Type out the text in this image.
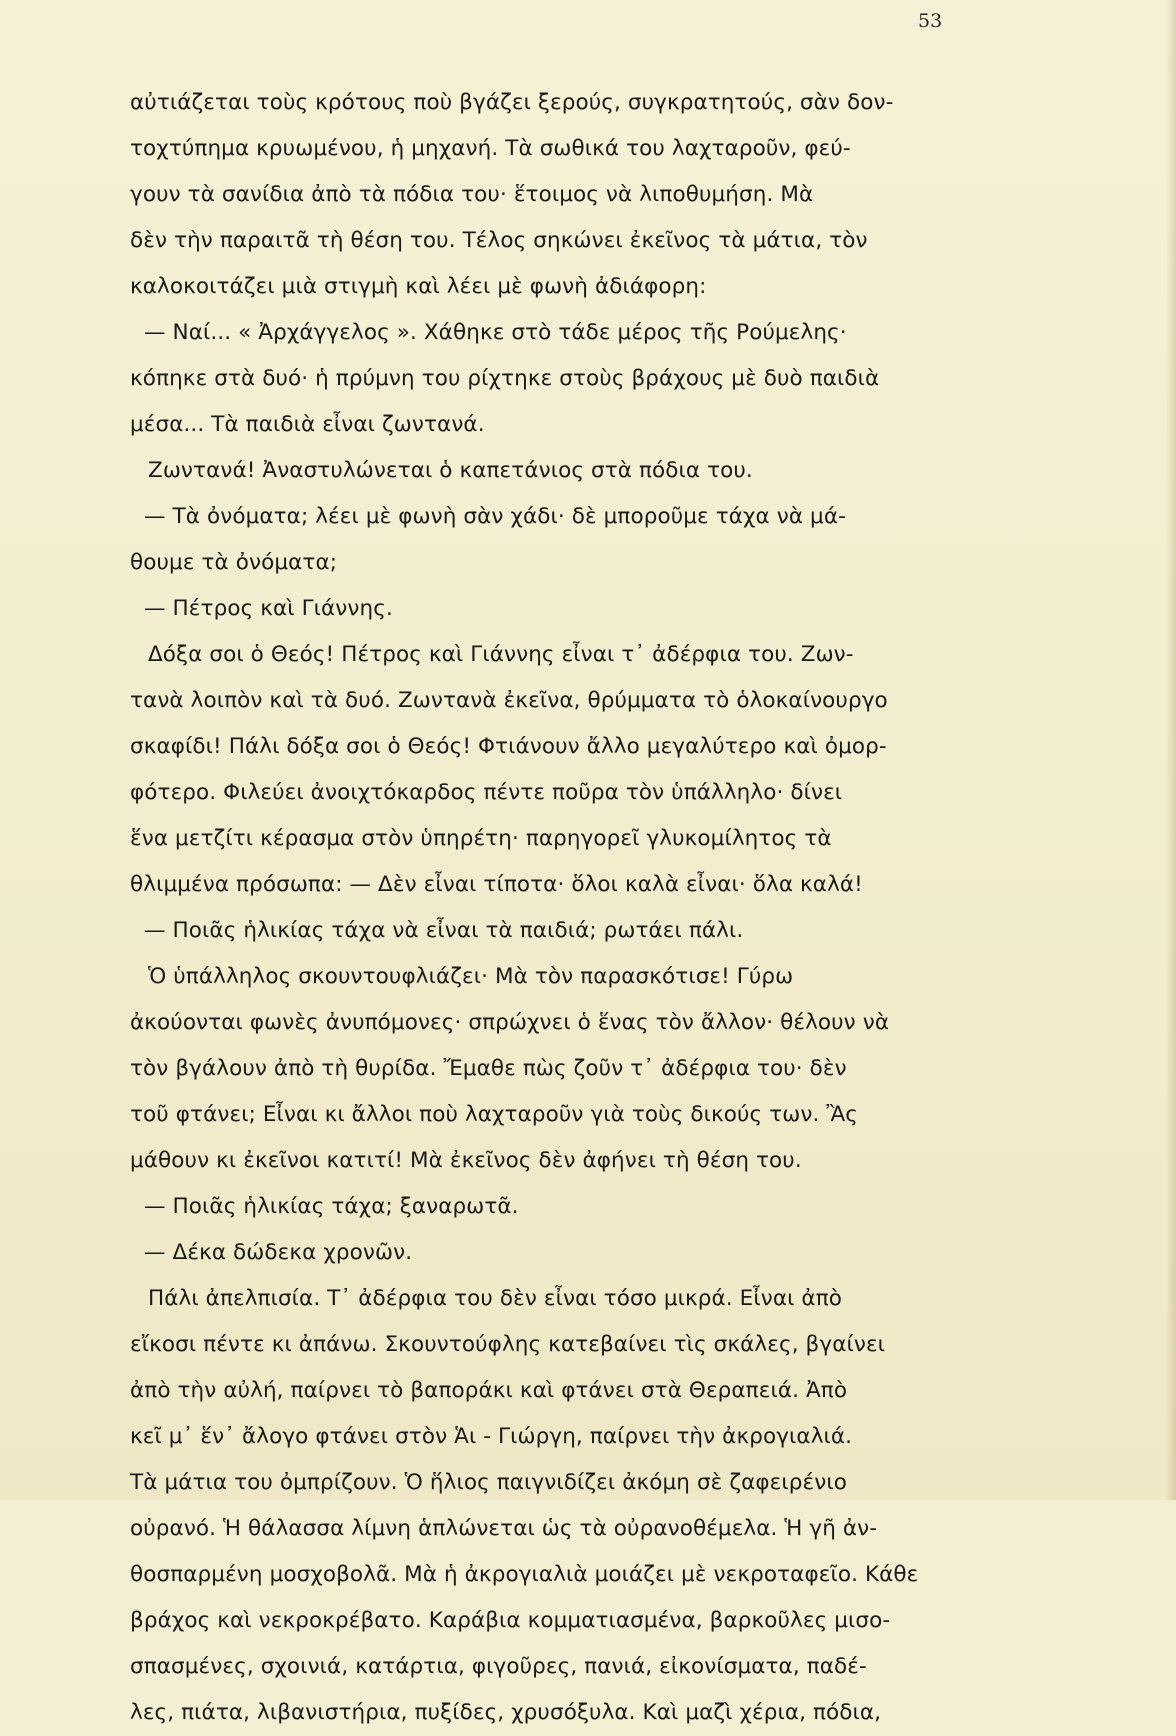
53
αὐτιάζεται τοὺς κρότους ποὺ βγάζει ξερούς, συγκρατητούς, σὰν δον-
τοχτύπημα κρυωμένου, ἡ μηχανή. Τὰ σωθικά του λαχταροῦν, φεύ-
γουν τὰ σανίδια ἀπὸ τὰ πόδια του· ἕτοιμος νὰ λιποθυμήση. Μὰ
δὲν τὴν παραιτᾶ τὴ θέση του. Τέλος σηκώνει ἐκεῖνος τὰ μάτια, τὸν
καλοκοιτάζει μιὰ στιγμὴ καὶ λέει μὲ φωνὴ ἀδιάφορη:
— Ναί... « Ἀρχάγγελος ». Χάθηκε στὸ τάδε μέρος τῆς Ρούμελης·
κόπηκε στὰ δυό· ἡ πρύμνη του ρίχτηκε στοὺς βράχους μὲ δυὸ παιδιὰ
μέσα... Τὰ παιδιὰ εἶναι ζωντανά.
Ζωντανά! Ἀναστυλώνεται ὁ καπετάνιος στὰ πόδια του.
— Τὰ ὀνόματα; λέει μὲ φωνὴ σὰν χάδι· δὲ μποροῦμε τάχα νὰ μά-
θουμε τὰ ὀνόματα;
— Πέτρος καὶ Γιάννης.
Δόξα σοι ὁ Θεός! Πέτρος καὶ Γιάννης εἶναι τ᾿ ἀδέρφια του. Ζων-
τανὰ λοιπὸν καὶ τὰ δυό. Ζωντανὰ ἐκεῖνα, θρύμματα τὸ ὁλοκαίνουργο
σκαφίδι! Πάλι δόξα σοι ὁ Θεός! Φτιάνουν ἄλλο μεγαλύτερο καὶ ὀμορ-
φότερο. Φιλεύει ἀνοιχτόκαρδος πέντε ποῦρα τὸν ὑπάλληλο· δίνει
ἕνα μετζίτι κέρασμα στὸν ὑπηρέτη· παρηγορεῖ γλυκομίλητος τὰ
θλιμμένα πρόσωπα: — Δὲν εἶναι τίποτα· ὅλοι καλὰ εἶναι· ὅλα καλά!
— Ποιᾶς ἡλικίας τάχα νὰ εἶναι τὰ παιδιά; ρωτάει πάλι.
Ὁ ὑπάλληλος σκουντουφλιάζει· Μὰ τὸν παρασκότισε! Γύρω
ἀκούονται φωνὲς ἀνυπόμονες· σπρώχνει ὁ ἕνας τὸν ἄλλον· θέλουν νὰ
τὸν βγάλουν ἀπὸ τὴ θυρίδα. Ἔμαθε πὼς ζοῦν τ᾿ ἀδέρφια του· δὲν
τοῦ φτάνει; Εἶναι κι ἄλλοι ποὺ λαχταροῦν γιὰ τοὺς δικούς των. Ἂς
μάθουν κι ἐκεῖνοι κατιτί! Μὰ ἐκεῖνος δὲν ἀφήνει τὴ θέση του.
— Ποιᾶς ἡλικίας τάχα; ξαναρωτᾶ.
— Δέκα δώδεκα χρονῶν.
Πάλι ἀπελπισία. Τ᾿ ἀδέρφια του δὲν εἶναι τόσο μικρά. Εἶναι ἀπὸ
εἴκοσι πέντε κι ἀπάνω. Σκουντούφλης κατεβαίνει τὶς σκάλες, βγαίνει
ἀπὸ τὴν αὐλή, παίρνει τὸ βαποράκι καὶ φτάνει στὰ Θεραπειά. Ἀπὸ
κεῖ μ᾿ ἕν᾿ ἄλογο φτάνει στὸν Ἁι - Γιώργη, παίρνει τὴν ἀκρογιαλιά.
Τὰ μάτια του ὀμπρίζουν. Ὁ ἥλιος παιγνιδίζει ἀκόμη σὲ ζαφειρένιο
οὐρανό. Ἡ θάλασσα λίμνη ἁπλώνεται ὡς τὰ οὐρανοθέμελα. Ἡ γῆ ἀν-
θοσπαρμένη μοσχοβολᾶ. Μὰ ἡ ἀκρογιαλιὰ μοιάζει μὲ νεκροταφεῖο. Κάθε
βράχος καὶ νεκροκρέβατο. Καράβια κομματιασμένα, βαρκοῦλες μισο-
σπασμένες, σχοινιά, κατάρτια, φιγοῦρες, πανιά, εἰκονίσματα, παδέ-
λες, πιάτα, λιβανιστήρια, πυξίδες, χρυσόξυλα. Καὶ μαζὶ χέρια, πόδια,
